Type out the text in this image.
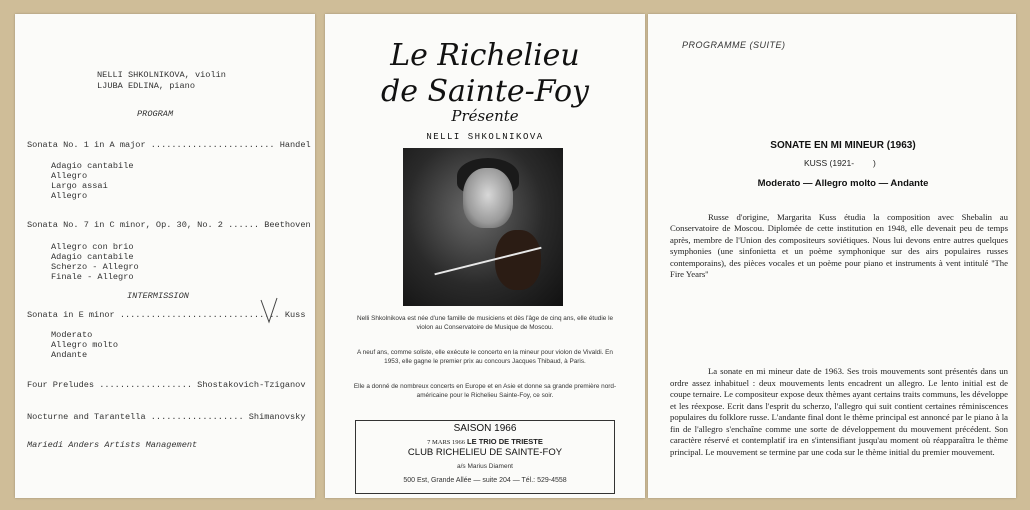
NELLI SHKOLNIKOVA, violin
LJUBA EDLINA, piano
PROGRAM
Sonata No. 1 in A major ........................ Handel
Adagio cantabile
Allegro
Largo assai
Allegro
Sonata No. 7 in C minor, Op. 30, No. 2 ...... Beethoven
Allegro con brio
Adagio cantabile
Scherzo - Allegro
Finale - Allegro
INTERMISSION
Sonata in E minor ............................... Kuss
Moderato
Allegro molto
Andante
Four Preludes .................. Shostakovich-Tziganov
Nocturne and Tarantella .................. Shimanovsky
Mariedi Anders Artists Management
Le Richelieu
de Sainte-Foy
Présente
NELLI SHKOLNIKOVA
Nelli Shkolnikova est née d'une famille de musiciens et dès l'âge de cinq ans, elle étudie le violon au Conservatoire de Musique de Moscou.
A neuf ans, comme soliste, elle exécute le concerto en la mineur pour violon de Vivaldi. En 1953, elle gagne le premier prix au concours Jacques Thibaud, à Paris.
Elle a donné de nombreux concerts en Europe et en Asie et donne sa grande première nord-américaine pour le Richelieu Sainte-Foy, ce soir.
SAISON 1966
7 MARS 1966 LE TRIO DE TRIESTE
CLUB RICHELIEU DE SAINTE-FOY
a/s Marius Diament
500 Est, Grande Allée — suite 204 — Tél.: 529-4558
PROGRAMME (SUITE)
SONATE EN MI MINEUR (1963)
KUSS (1921-        )
Moderato — Allegro molto — Andante
Russe d'origine, Margarita Kuss étudia la composition avec Shebalin au Conservatoire de Moscou. Diplomée de cette institution en 1948, elle devenait peu de temps après, membre de l'Union des compositeurs soviétiques. Nous lui devons entre autres quelques symphonies (une sinfonietta et un poème symphonique sur des airs populaires russes contemporains), des pièces vocales et un poème pour piano et instruments à vent intitulé ''The Fire Years''
La sonate en mi mineur date de 1963. Ses trois mouvements sont présentés dans un ordre assez inhabituel : deux mouvements lents encadrent un allegro. Le lento initial est de coupe ternaire. Le compositeur expose deux thèmes ayant certains traits communs, les développe et les réexpose. Ecrit dans l'esprit du scherzo, l'allegro qui suit contient certaines réminiscences populaires du folklore russe. L'andante final dont le thème principal est annoncé par le piano à la fin de l'allegro s'enchaîne comme une sorte de développement du mouvement précédent. Son caractère réservé et contemplatif ira en s'intensifiant jusqu'au moment où réapparaîtra le thème principal. Le mouvement se termine par une coda sur le thème initial du premier mouvement.
